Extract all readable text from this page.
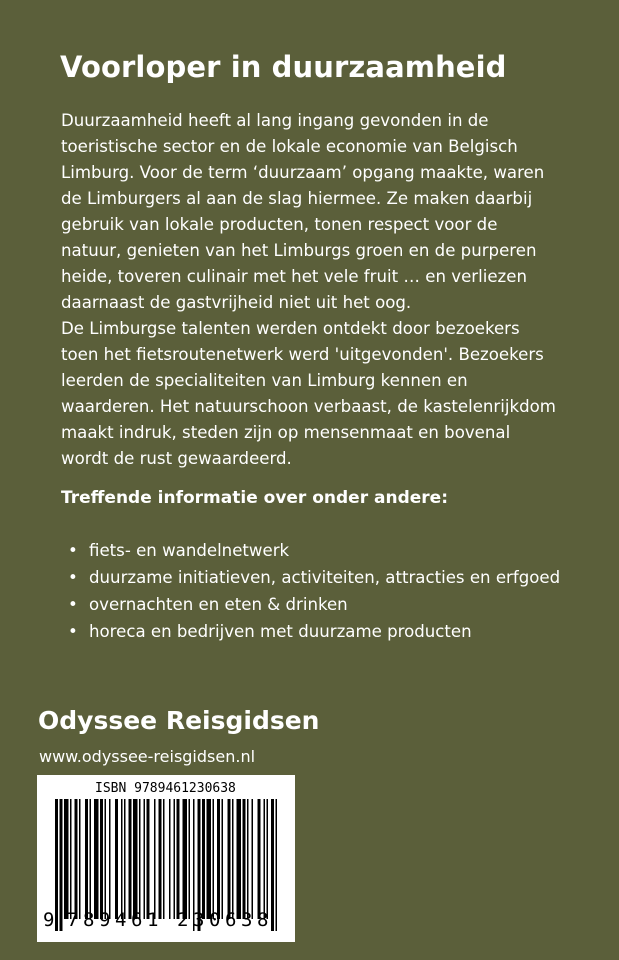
Voorloper in duurzaamheid

Duurzaamheid heeft al lang ingang gevonden in de toeristische sector en de lokale economie van Belgisch Limburg. Voor de term ‘duurzaam’ opgang maakte, waren de Limburgers al aan de slag hiermee. Ze maken daarbij gebruik van lokale producten, tonen respect voor de natuur, genieten van het Limburgs groen en de purperen heide, toveren culinair met het vele fruit … en verliezen daarnaast de gastvrijheid niet uit het oog.

De Limburgse talenten werden ontdekt door bezoekers toen het fietsroutenetwerk werd 'uitgevonden'. Bezoekers leerden de specialiteiten van Limburg kennen en waarderen. Het natuurschoon verbaast, de kastelenrijkdom maakt indruk, steden zijn op mensenmaat en bovenal wordt de rust gewaardeerd.

Treffende informatie over onder andere:
• fiets- en wandelnetwerk
• duurzame initiatieven, activiteiten, attracties en erfgoed
• overnachten en eten & drinken
• horeca en bedrijven met duurzame producten
Odyssee Reisgidsen
www.odyssee-reisgidsen.nl
ISBN 9789461230638
9 7 8 9 4 6 1 2 3 0 6 3 8
